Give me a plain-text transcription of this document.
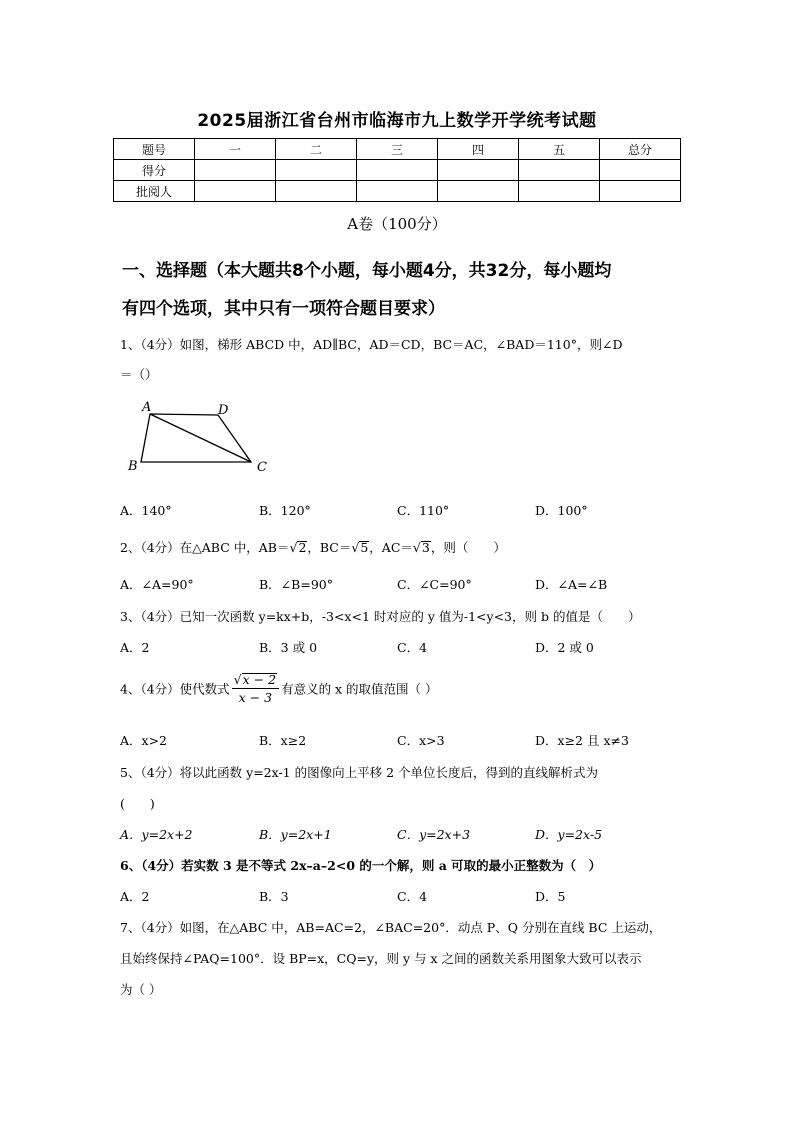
2025届浙江省台州市临海市九上数学开学统考试题
题号	一	二	三	四	五	总分
得分						
批阅人						
A卷（100分）
一、选择题（本大题共8个小题，每小题4分，共32分，每小题均
有四个选项，其中只有一项符合题目要求）
1、（4分）如图，梯形 ABCD 中，AD∥BC，AD＝CD，BC＝AC，∠BAD＝110°，则∠D
＝（）
A	D
B	C
A．140°	B．120°	C．110°	D．100°
2、（4分）在△ABC 中，AB＝√2，BC＝√5，AC＝√3，则（　　）
A．∠A=90°	B．∠B=90°	C．∠C=90°	D．∠A=∠B
3、（4分）已知一次函数 y=kx+b，-3<x<1 时对应的 y 值为-1<y<3，则 b 的值是（　　）
A．2	B．3 或 0	C．4	D．2 或 0
4、（4分）使代数式 $\frac{√x - 2}{x - 3}$ 有意义的 x 的取值范围（ ）
A．x>2	B．x≥2	C．x>3	D．x≥2 且 x≠3
5、（4分）将以此函数 y=2x-1 的图像向上平移 2 个单位长度后，得到的直线解析式为
(　　)
A．y=2x+2	B．y=2x+1	C．y=2x+3	D．y=2x-5
6、（4分）若实数 3 是不等式 2x–a–2<0 的一个解，则 a 可取的最小正整数为（　）
A．2	B．3	C．4	D．5
7、（4分）如图，在△ABC 中，AB=AC=2，∠BAC=20°．动点 P、Q 分别在直线 BC 上运动，
且始终保持∠PAQ=100°．设 BP=x，CQ=y，则 y 与 x 之间的函数关系用图象大致可以表示
为（ ）
